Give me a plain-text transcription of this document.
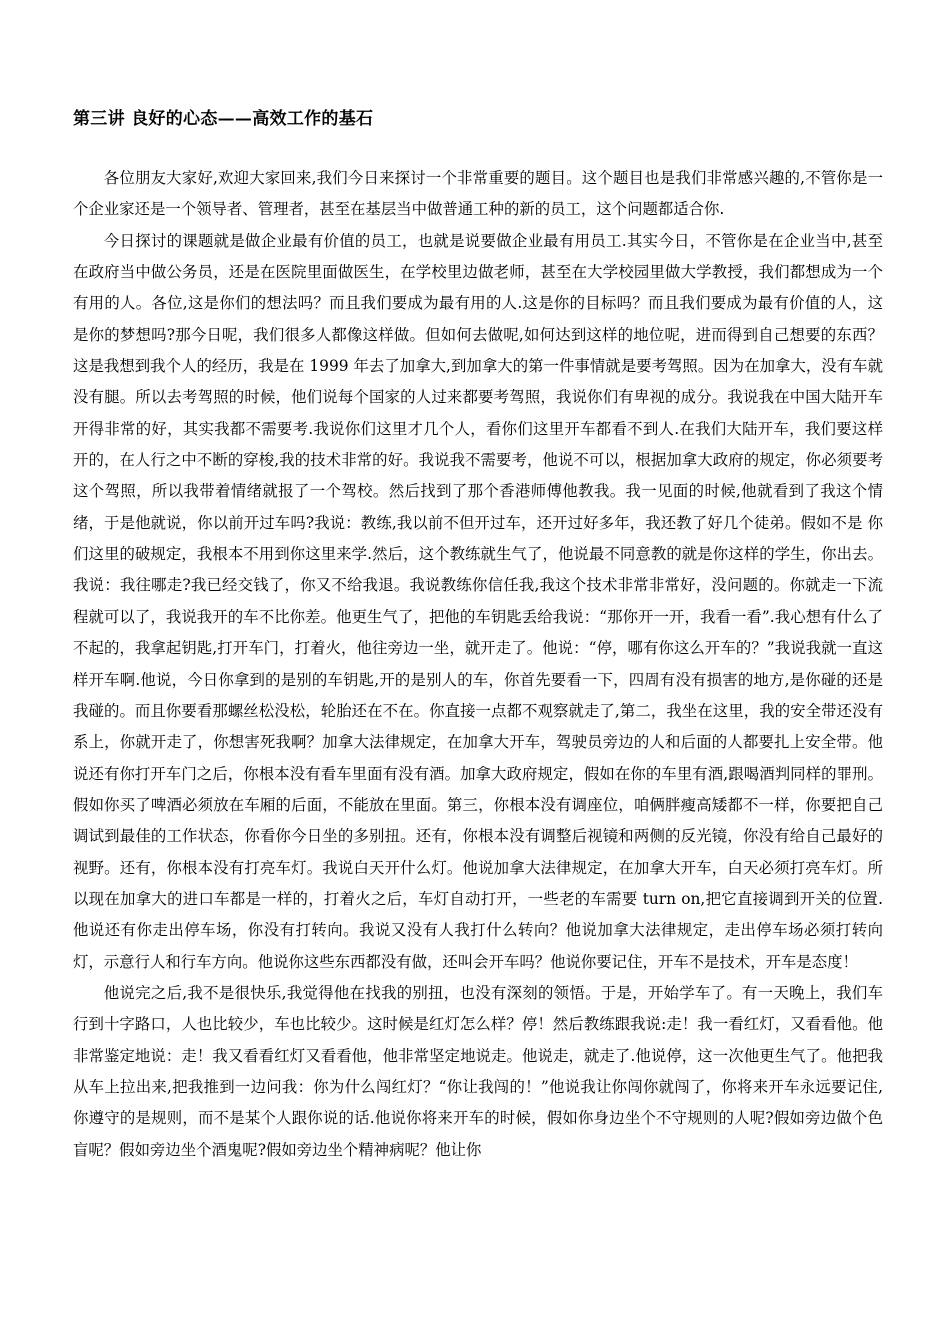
第三讲 良好的心态——高效工作的基石

各位朋友大家好,欢迎大家回来,我们今日来探讨一个非常重要的题目。这个题目也是我们非常感兴趣的,不管你是一个企业家还是一个领导者、管理者，甚至在基层当中做普通工种的新的员工，这个问题都适合你.

今日探讨的课题就是做企业最有价值的员工，也就是说要做企业最有用员工.其实今日，不管你是在企业当中,甚至在政府当中做公务员，还是在医院里面做医生，在学校里边做老师，甚至在大学校园里做大学教授，我们都想成为一个有用的人。各位,这是你们的想法吗？而且我们要成为最有用的人.这是你的目标吗？而且我们要成为最有价值的人，这是你的梦想吗?那今日呢，我们很多人都像这样做。但如何去做呢,如何达到这样的地位呢，进而得到自己想要的东西？这是我想到我个人的经历，我是在 1999 年去了加拿大,到加拿大的第一件事情就是要考驾照。因为在加拿大，没有车就没有腿。所以去考驾照的时候，他们说每个国家的人过来都要考驾照，我说你们有卑视的成分。我说我在中国大陆开车开得非常的好，其实我都不需要考.我说你们这里才几个人，看你们这里开车都看不到人.在我们大陆开车，我们要这样开的，在人行之中不断的穿梭,我的技术非常的好。我说我不需要考，他说不可以，根据加拿大政府的规定，你必须要考这个驾照，所以我带着情绪就报了一个驾校。然后找到了那个香港师傅他教我。我一见面的时候,他就看到了我这个情绪，于是他就说，你以前开过车吗?我说：教练,我以前不但开过车，还开过好多年，我还教了好几个徒弟。假如不是 你们这里的破规定，我根本不用到你这里来学.然后，这个教练就生气了，他说最不同意教的就是你这样的学生，你出去。我说：我往哪走?我已经交钱了，你又不给我退。我说教练你信任我,我这个技术非常非常好，没问题的。你就走一下流程就可以了，我说我开的车不比你差。他更生气了，把他的车钥匙丢给我说：“那你开一开，我看一看”.我心想有什么了不起的，我拿起钥匙,打开车门，打着火，他往旁边一坐，就开走了。他说：“停，哪有你这么开车的？”我说我就一直这样开车啊.他说，今日你拿到的是别的车钥匙,开的是别人的车，你首先要看一下，四周有没有损害的地方,是你碰的还是我碰的。而且你要看那螺丝松没松，轮胎还在不在。你直接一点都不观察就走了,第二，我坐在这里，我的安全带还没有系上，你就开走了，你想害死我啊？加拿大法律规定，在加拿大开车，驾驶员旁边的人和后面的人都要扎上安全带。他说还有你打开车门之后，你根本没有看车里面有没有酒。加拿大政府规定，假如在你的车里有酒,跟喝酒判同样的罪刑。假如你买了啤酒必须放在车厢的后面，不能放在里面。第三，你根本没有调座位，咱俩胖瘦高矮都不一样，你要把自己调试到最佳的工作状态，你看你今日坐的多别扭。还有，你根本没有调整后视镜和两侧的反光镜，你没有给自己最好的视野。还有，你根本没有打亮车灯。我说白天开什么灯。他说加拿大法律规定，在加拿大开车，白天必须打亮车灯。所以现在加拿大的进口车都是一样的，打着火之后，车灯自动打开，一些老的车需要 turn on,把它直接调到开关的位置.他说还有你走出停车场，你没有打转向。我说又没有人我打什么转向？他说加拿大法律规定，走出停车场必须打转向灯，示意行人和行车方向。他说你这些东西都没有做，还叫会开车吗？他说你要记住，开车不是技术，开车是态度！

他说完之后,我不是很快乐,我觉得他在找我的别扭，也没有深刻的领悟。于是，开始学车了。有一天晚上，我们车行到十字路口，人也比较少，车也比较少。这时候是红灯怎么样？停！然后教练跟我说:走！我一看红灯，又看看他。他非常鉴定地说：走！我又看看红灯又看看他，他非常坚定地说走。他说走，就走了.他说停，这一次他更生气了。他把我从车上拉出来,把我推到一边问我：你为什么闯红灯？“你让我闯的！”他说我让你闯你就闯了，你将来开车永远要记住,你遵守的是规则，而不是某个人跟你说的话.他说你将来开车的时候，假如你身边坐个不守规则的人呢?假如旁边做个色盲呢？假如旁边坐个酒鬼呢?假如旁边坐个精神病呢？他让你
